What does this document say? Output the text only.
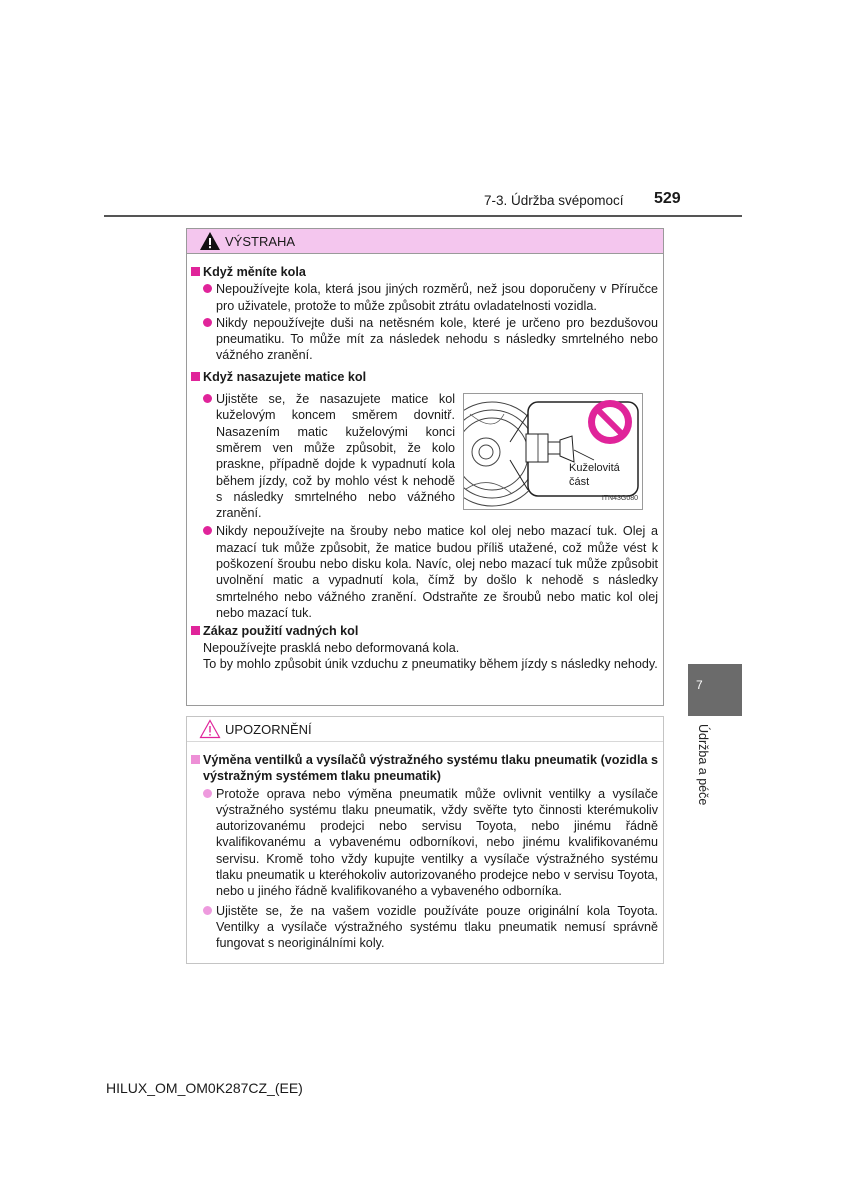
7-3. Údržba svépomocí 529
VÝSTRAHA
Když měníte kola
Nepoužívejte kola, která jsou jiných rozměrů, než jsou doporučeny v Příručce pro uživatele, protože to může způsobit ztrátu ovladatelnosti vozidla.
Nikdy nepoužívejte duši na netěsném kole, které je určeno pro bezdušovou pneumatiku. To může mít za následek nehodu s následky smrtelného nebo vážného zranění.
Když nasazujete matice kol
Ujistěte se, že nasazujete matice kol kuželovým koncem směrem dovnitř. Nasazením matic kuželovými konci směrem ven může způsobit, že kolo praskne, případně dojde k vypadnutí kola během jízdy, což by mohlo vést k nehodě s následky smrtelného nebo vážného zranění.
Kuželovitá
část
ITN43G080
Nikdy nepoužívejte na šrouby nebo matice kol olej nebo mazací tuk. Olej a mazací tuk může způsobit, že matice budou příliš utažené, což může vést k poškození šroubu nebo disku kola. Navíc, olej nebo mazací tuk může způsobit uvolnění matic a vypadnutí kola, čímž by došlo k nehodě s následky smrtelného nebo vážného zranění. Odstraňte ze šroubů nebo matic kol olej nebo mazací tuk.
Zákaz použití vadných kol
Nepoužívejte prasklá nebo deformovaná kola.
To by mohlo způsobit únik vzduchu z pneumatiky během jízdy s následky nehody.
UPOZORNĚNÍ
Výměna ventilků a vysílačů výstražného systému tlaku pneumatik (vozidla s výstražným systémem tlaku pneumatik)
Protože oprava nebo výměna pneumatik může ovlivnit ventilky a vysílače výstražného systému tlaku pneumatik, vždy svěřte tyto činnosti kterémukoliv autorizovanému prodejci nebo servisu Toyota, nebo jinému řádně kvalifikovanému a vybavenému odborníkovi, nebo jinému kvalifikovanému servisu. Kromě toho vždy kupujte ventilky a vysílače výstražného systému tlaku pneumatik u kteréhokoliv autorizovaného prodejce nebo v servisu Toyota, nebo u jiného řádně kvalifikovaného a vybaveného odborníka.
Ujistěte se, že na vašem vozidle používáte pouze originální kola Toyota. Ventilky a vysílače výstražného systému tlaku pneumatik nemusí správně fungovat s neoriginálními koly.
7
Údržba a péče
HILUX_OM_OM0K287CZ_(EE)
